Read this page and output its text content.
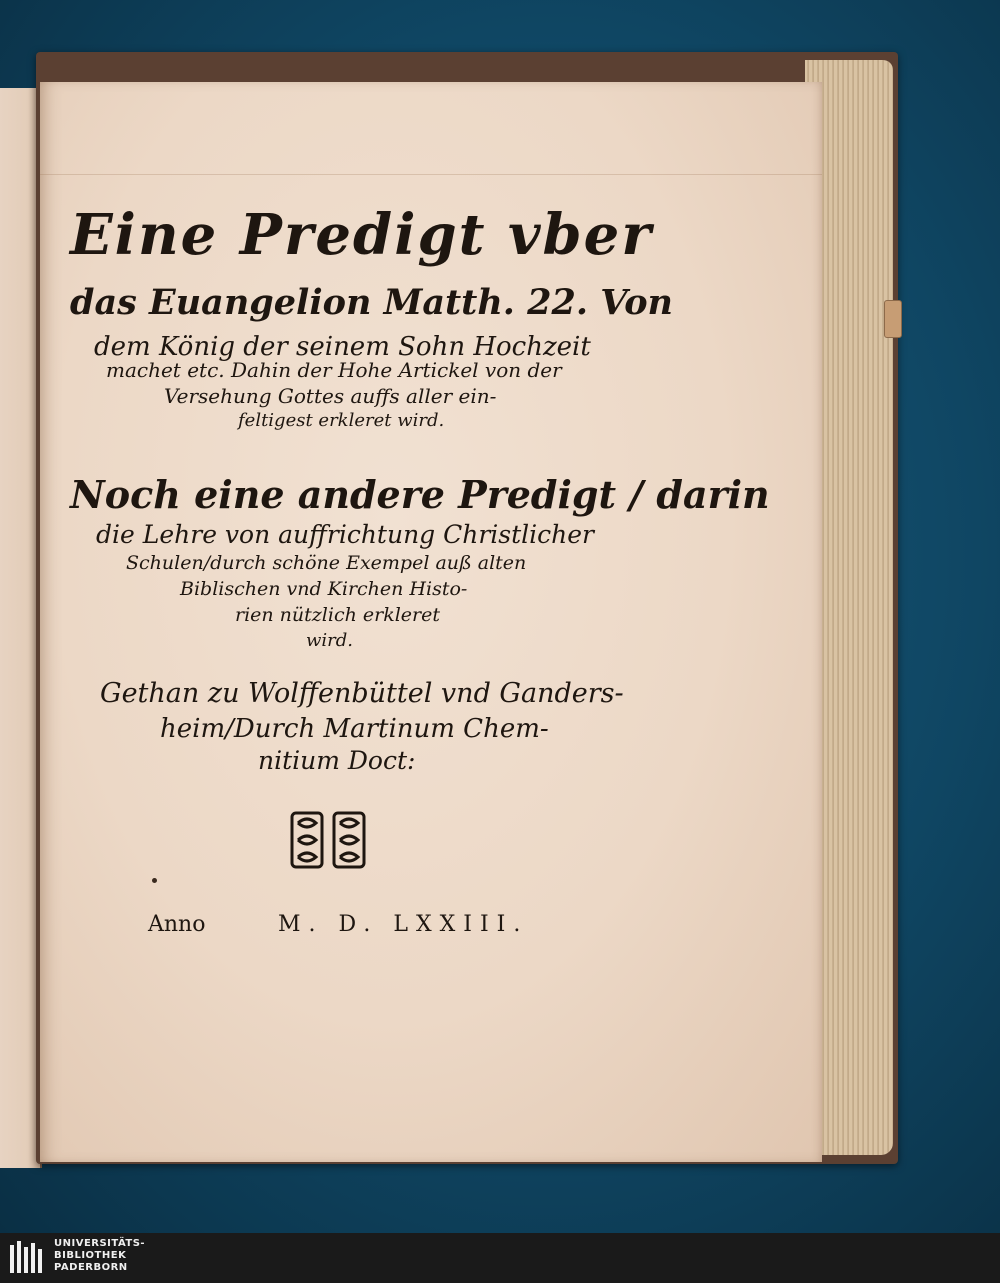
Eine Predigt vber
das Euangelion Matth. 22. Von
dem König der seinem Sohn Hochzeit
machet etc. Dahin der Hohe Artickel von der
Versehung Gottes auffs aller ein-
feltigest erkleret wird.
Noch eine andere Predigt / darin
die Lehre von auffrichtung Christlicher
Schulen/durch schöne Exempel auß alten
Biblischen vnd Kirchen Histo-
rien nützlich erkleret
wird.
Gethan zu Wolffenbüttel vnd Ganders-
heim/Durch Martinum Chem-
nitium Doct:
Anno	M. D. LXXIII.
UNIVERSITÄTS-
BIBLIOTHEK
PADERBORN
